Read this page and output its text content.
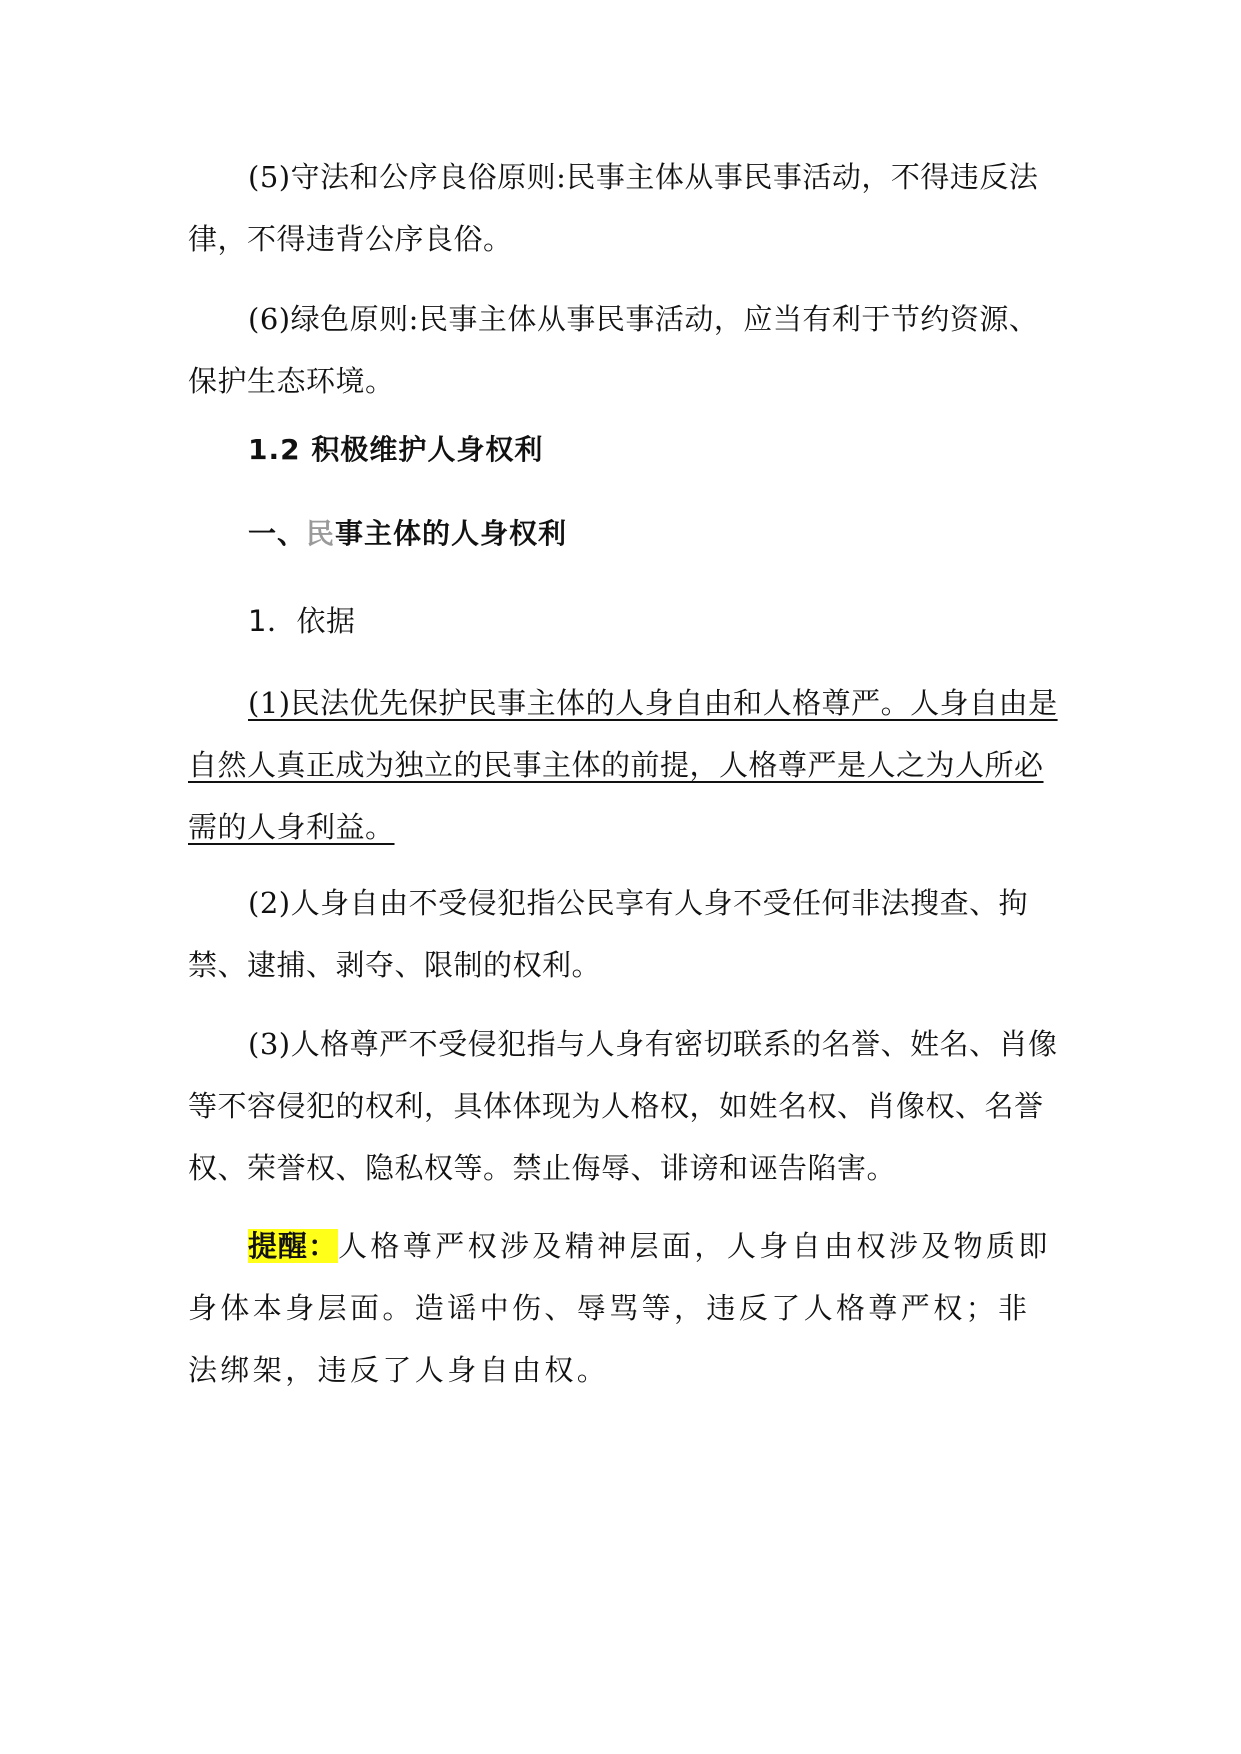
(5)守法和公序良俗原则:民事主体从事民事活动，不得违反法律，不得违背公序良俗。

(6)绿色原则:民事主体从事民事活动，应当有利于节约资源、保护生态环境。

1.2 积极维护人身权利

一、民事主体的人身权利

1．依据

(1)民法优先保护民事主体的人身自由和人格尊严。人身自由是自然人真正成为独立的民事主体的前提，人格尊严是人之为人所必需的人身利益。

(2)人身自由不受侵犯指公民享有人身不受任何非法搜查、拘禁、逮捕、剥夺、限制的权利。

(3)人格尊严不受侵犯指与人身有密切联系的名誉、姓名、肖像等不容侵犯的权利，具体体现为人格权，如姓名权、肖像权、名誉权、荣誉权、隐私权等。禁止侮辱、诽谤和诬告陷害。

提醒：人格尊严权涉及精神层面，人身自由权涉及物质即身体本身层面。造谣中伤、辱骂等，违反了人格尊严权；非法绑架，违反了人身自由权。
